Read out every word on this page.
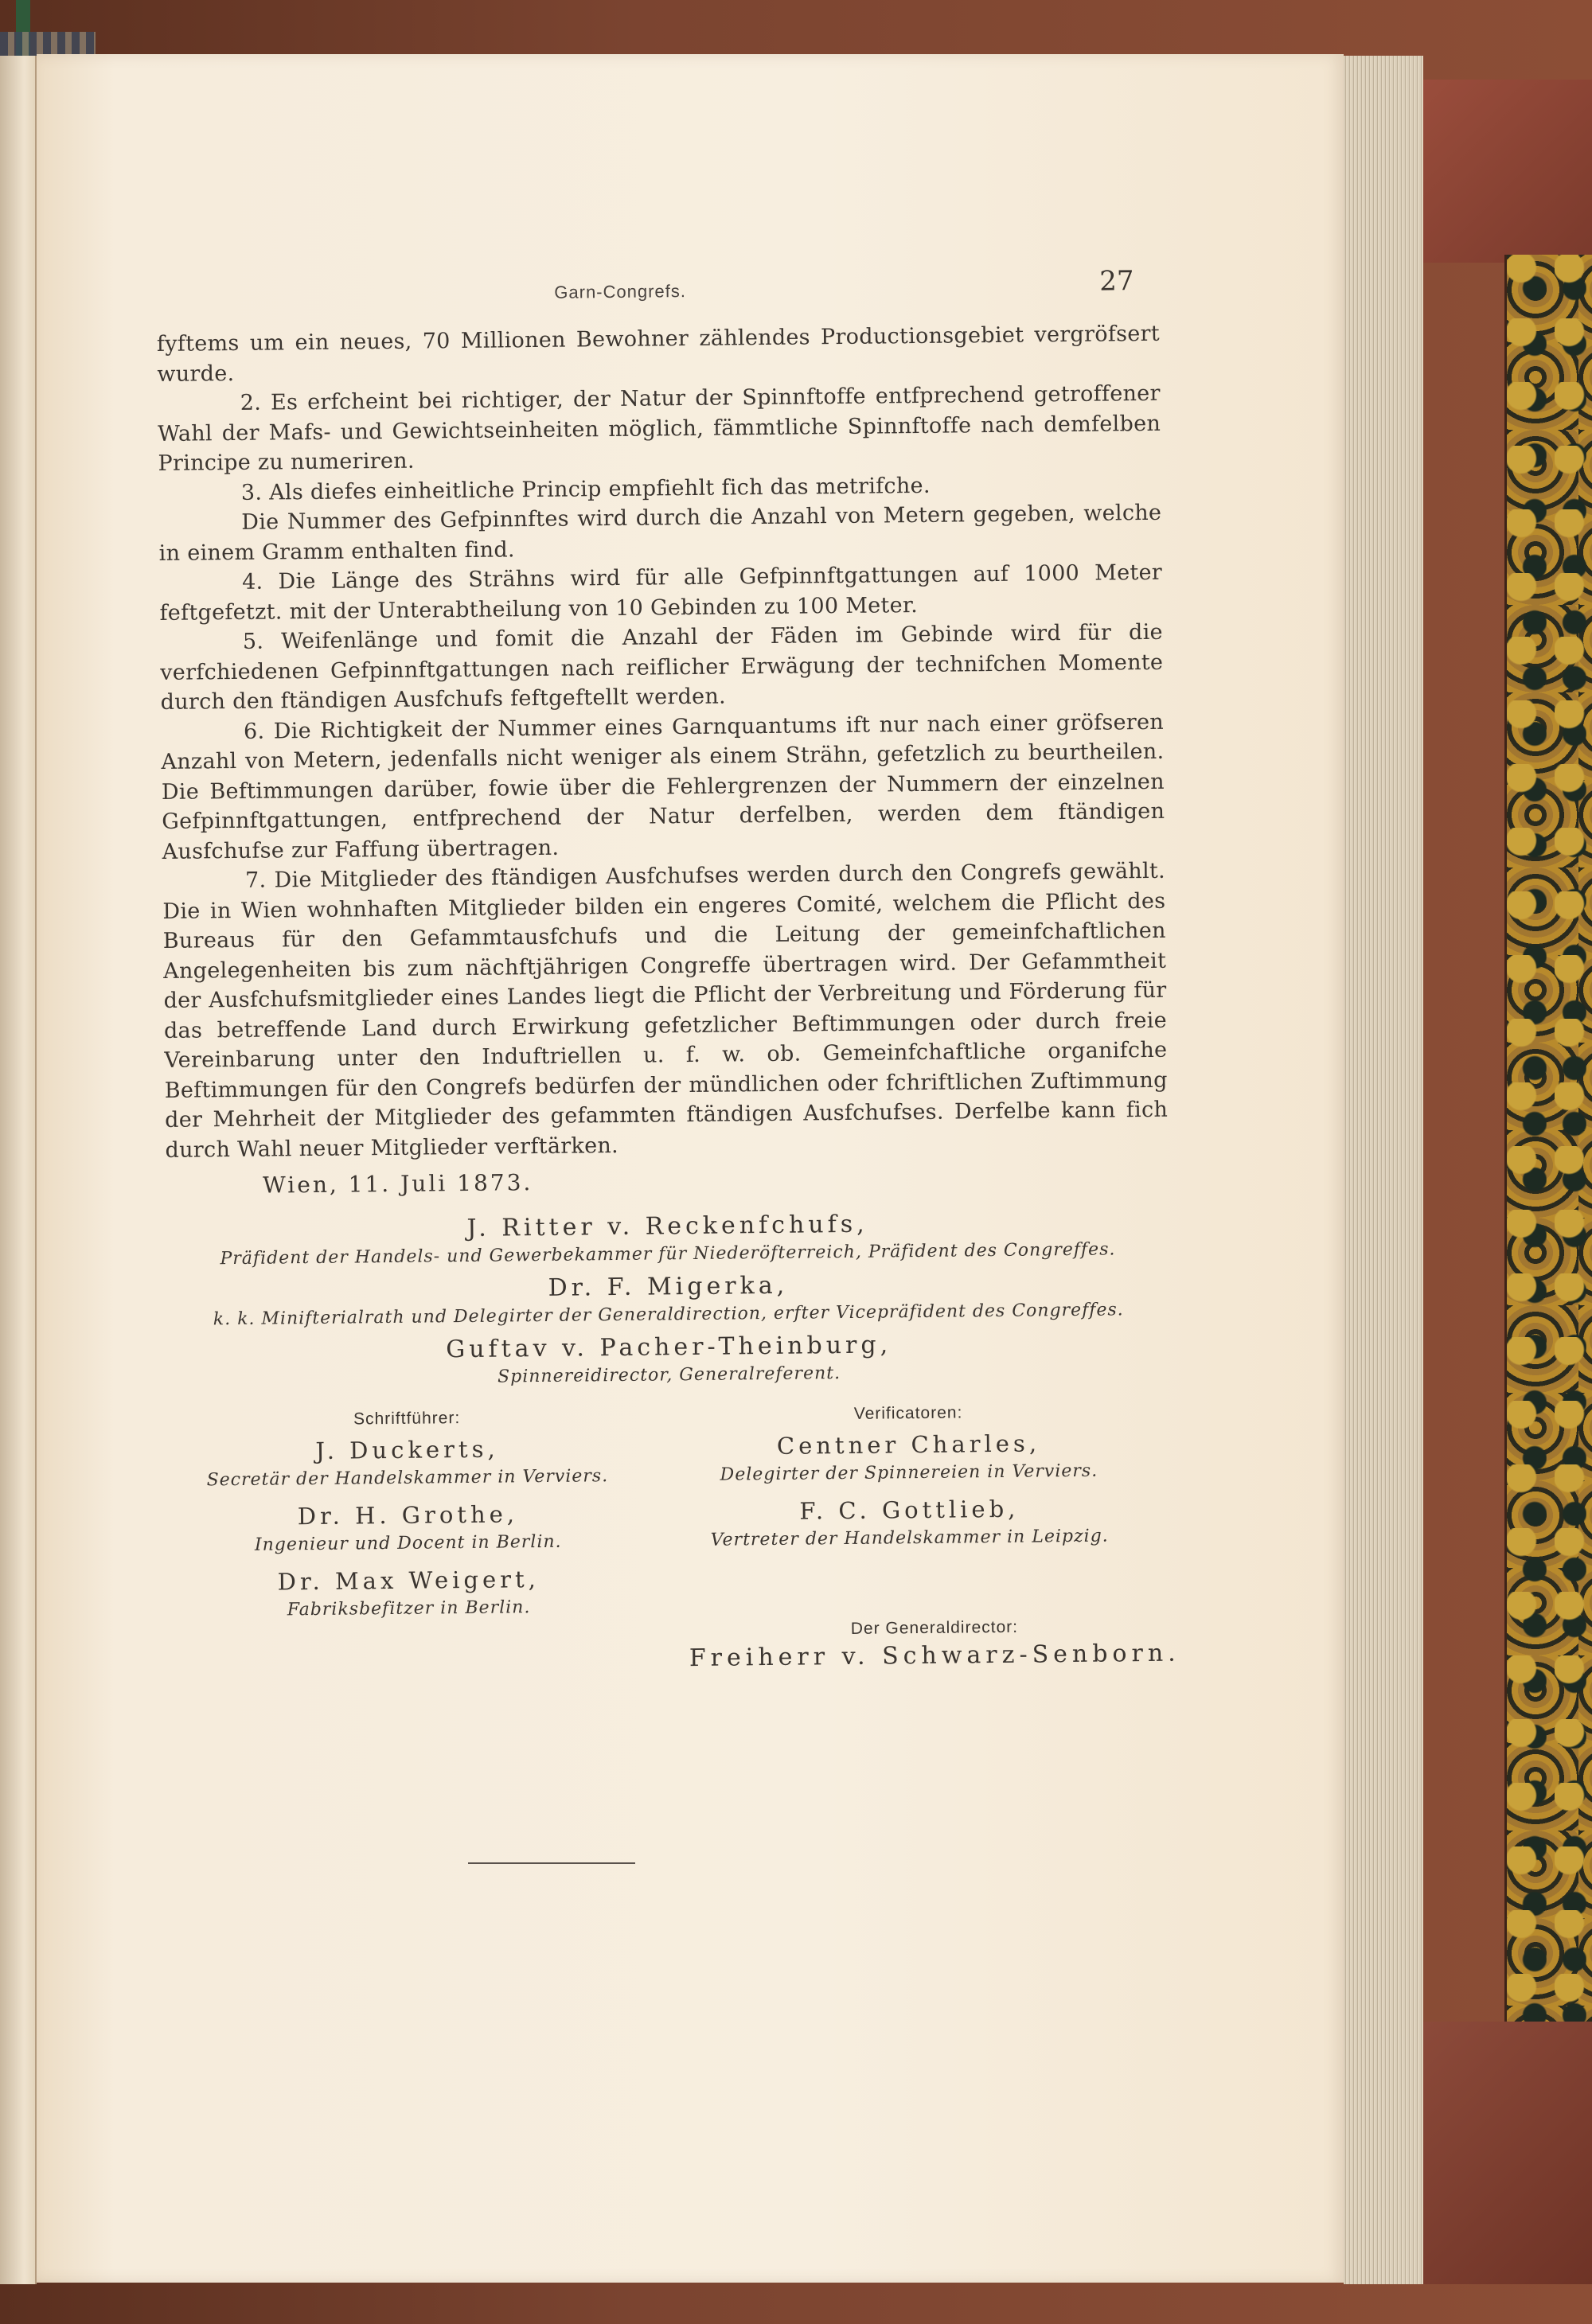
Garn-Congrefs.	27

fyftems um ein neues, 70 Millionen Bewohner zählendes Productionsgebiet vergröfsert wurde.

2. Es erfcheint bei richtiger, der Natur der Spinnftoffe entfprechend getroffener Wahl der Mafs- und Gewichtseinheiten möglich, fämmtliche Spinnftoffe nach demfelben Principe zu numeriren.

3. Als diefes einheitliche Princip empfiehlt fich das metrifche.

Die Nummer des Gefpinnftes wird durch die Anzahl von Metern gegeben, welche in einem Gramm enthalten find.

4. Die Länge des Strähns wird für alle Gefpinnftgattungen auf 1000 Meter feftgefetzt. mit der Unterabtheilung von 10 Gebinden zu 100 Meter.

5. Weifenlänge und fomit die Anzahl der Fäden im Gebinde wird für die verfchiedenen Gefpinnftgattungen nach reiflicher Erwägung der technifchen Momente durch den ftändigen Ausfchufs feftgeftellt werden.

6. Die Richtigkeit der Nummer eines Garnquantums ift nur nach einer gröfseren Anzahl von Metern, jedenfalls nicht weniger als einem Strähn, gefetzlich zu beurtheilen. Die Beftimmungen darüber, fowie über die Fehlergrenzen der Nummern der einzelnen Gefpinnftgattungen, entfprechend der Natur derfelben, werden dem ftändigen Ausfchufse zur Faffung übertragen.

7. Die Mitglieder des ftändigen Ausfchufses werden durch den Congrefs gewählt. Die in Wien wohnhaften Mitglieder bilden ein engeres Comité, welchem die Pflicht des Bureaus für den Gefammtausfchufs und die Leitung der gemeinfchaftlichen Angelegenheiten bis zum nächftjährigen Congreffe übertragen wird. Der Gefammtheit der Ausfchufsmitglieder eines Landes liegt die Pflicht der Verbreitung und Förderung für das betreffende Land durch Erwirkung gefetzlicher Beftimmungen oder durch freie Vereinbarung unter den Induftriellen u. f. w. ob. Gemeinfchaftliche organifche Beftimmungen für den Congrefs bedürfen der mündlichen oder fchriftlichen Zuftimmung der Mehrheit der Mitglieder des gefammten ftändigen Ausfchufses. Derfelbe kann fich durch Wahl neuer Mitglieder verftärken.

Wien, 11. Juli 1873.
J. Ritter v. Reckenfchufs,
Präfident der Handels- und Gewerbekammer für Niederöfterreich, Präfident des Congreffes.
Dr. F. Migerka,
k. k. Minifterialrath und Delegirter der Generaldirection, erfter Vicepräfident des Congreffes.
Guftav v. Pacher-Theinburg,
Spinnereidirector, Generalreferent.
Schriftführer:
J. Duckerts,
Secretär der Handelskammer in Verviers.
Dr. H. Grothe,
Ingenieur und Docent in Berlin.
Dr. Max Weigert,
Fabriksbefitzer in Berlin.
Verificatoren:
Centner Charles,
Delegirter der Spinnereien in Verviers.
F. C. Gottlieb,
Vertreter der Handelskammer in Leipzig.
Der Generaldirector:
Freiherr v. Schwarz-Senborn.
